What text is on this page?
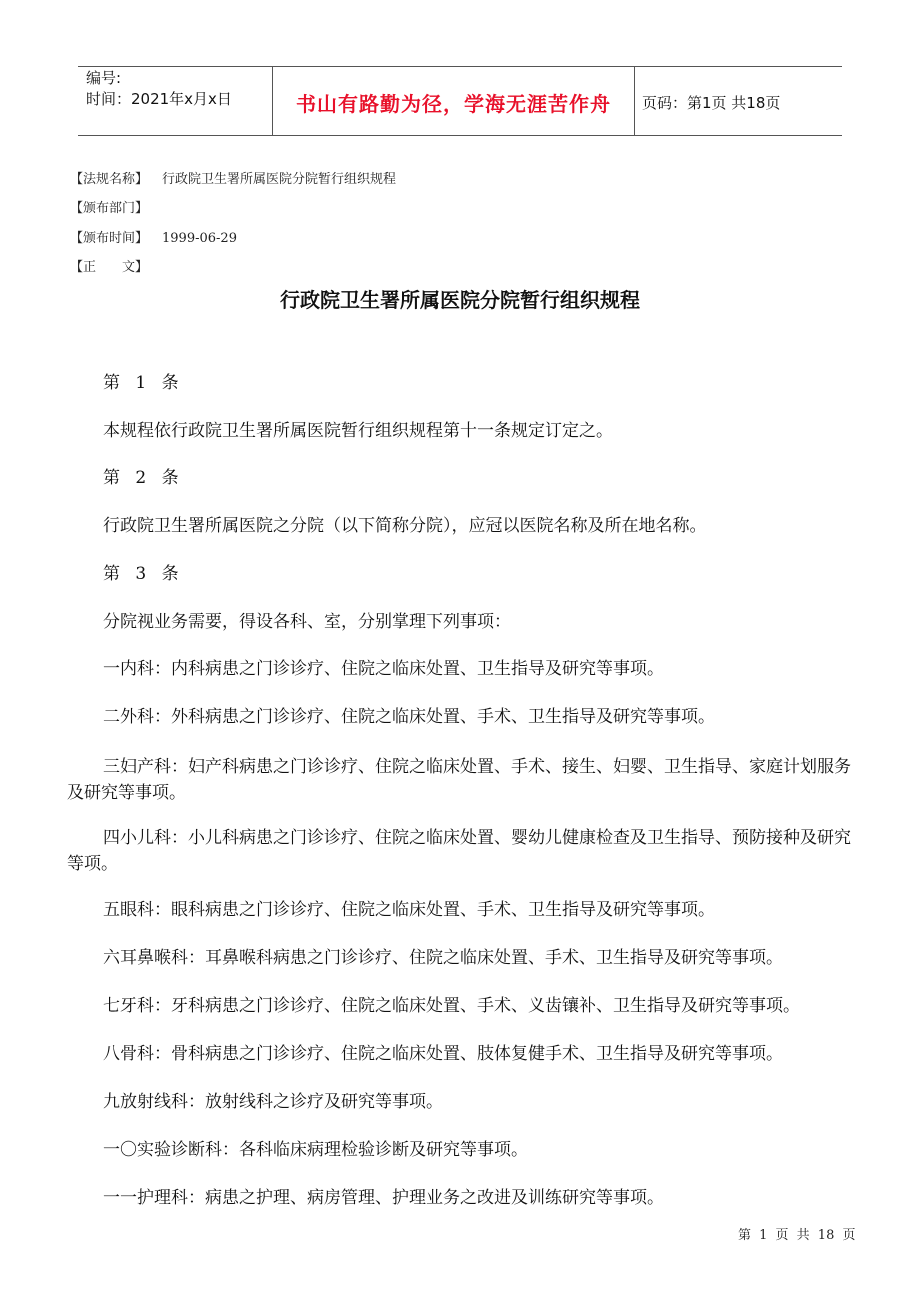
编号:
时间：2021年x月x日	书山有路勤为径，学海无涯苦作舟	页码：第1页 共18页
【法规名称】 行政院卫生署所属医院分院暂行组织规程
【颁布部门】
【颁布时间】 1999-06-29
【正　　文】
行政院卫生署所属医院分院暂行组织规程
第 1 条
本规程依行政院卫生署所属医院暂行组织规程第十一条规定订定之。
第 2 条
行政院卫生署所属医院之分院（以下简称分院），应冠以医院名称及所在地名称。
第 3 条
分院视业务需要，得设各科、室，分别掌理下列事项：
一内科：内科病患之门诊诊疗、住院之临床处置、卫生指导及研究等事项。
二外科：外科病患之门诊诊疗、住院之临床处置、手术、卫生指导及研究等事项。
三妇产科：妇产科病患之门诊诊疗、住院之临床处置、手术、接生、妇婴、卫生指导、家庭计划服务及研究等事项。
四小儿科：小儿科病患之门诊诊疗、住院之临床处置、婴幼儿健康检查及卫生指导、预防接种及研究等项。
五眼科：眼科病患之门诊诊疗、住院之临床处置、手术、卫生指导及研究等事项。
六耳鼻喉科：耳鼻喉科病患之门诊诊疗、住院之临床处置、手术、卫生指导及研究等事项。
七牙科：牙科病患之门诊诊疗、住院之临床处置、手术、义齿镶补、卫生指导及研究等事项。
八骨科：骨科病患之门诊诊疗、住院之临床处置、肢体复健手术、卫生指导及研究等事项。
九放射线科：放射线科之诊疗及研究等事项。
一〇实验诊断科：各科临床病理检验诊断及研究等事项。
一一护理科：病患之护理、病房管理、护理业务之改进及训练研究等事项。
第 1 页 共 18 页
